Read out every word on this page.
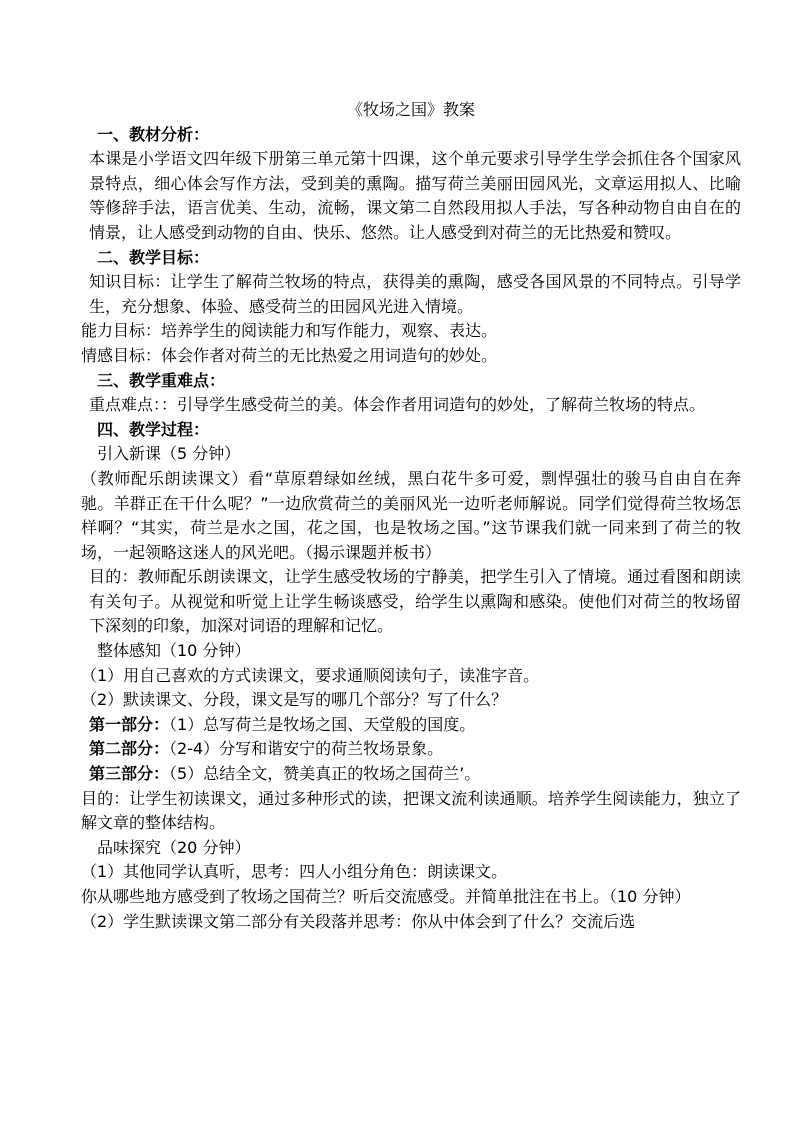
《牧场之国》教案

一、教材分析：

本课是小学语文四年级下册第三单元第十四课，这个单元要求引导学生学会抓住各个国家风景特点，细心体会写作方法，受到美的熏陶。描写荷兰美丽田园风光，文章运用拟人、比喻等修辞手法，语言优美、生动，流畅，课文第二自然段用拟人手法，写各种动物自由自在的情景，让人感受到动物的自由、快乐、悠然。让人感受到对荷兰的无比热爱和赞叹。

二、教学目标：

知识目标：让学生了解荷兰牧场的特点，获得美的熏陶，感受各国风景的不同特点。引导学生，充分想象、体验、感受荷兰的田园风光进入情境。

能力目标：培养学生的阅读能力和写作能力，观察、表达。

情感目标：体会作者对荷兰的无比热爱之用词造句的妙处。

三、教学重难点：

重点难点：：引导学生感受荷兰的美。体会作者用词造句的妙处，了解荷兰牧场的特点。

四、教学过程：

引入新课（5 分钟）

（教师配乐朗读课文）看“草原碧绿如丝绒，黑白花牛多可爱，剽悍强壮的骏马自由自在奔驰。羊群正在干什么呢？”一边欣赏荷兰的美丽风光一边听老师解说。同学们觉得荷兰牧场怎样啊？“其实，荷兰是水之国，花之国，也是牧场之国。”这节课我们就一同来到了荷兰的牧场，一起领略这迷人的风光吧。（揭示课题并板书）

目的：教师配乐朗读课文，让学生感受牧场的宁静美，把学生引入了情境。通过看图和朗读有关句子。从视觉和听觉上让学生畅谈感受，给学生以熏陶和感染。使他们对荷兰的牧场留下深刻的印象，加深对词语的理解和记忆。

整体感知（10 分钟）

（1）用自己喜欢的方式读课文，要求通顺阅读句子，读准字音。

（2）默读课文、分段，课文是写的哪几个部分？写了什么？

第一部分：（1）总写荷兰是牧场之国、天堂般的国度。

第二部分：（2-4）分写和谐安宁的荷兰牧场景象。

第三部分：（5）总结全文，赞美真正的牧场之国荷兰’。

目的：让学生初读课文，通过多种形式的读，把课文流利读通顺。培养学生阅读能力，独立了解文章的整体结构。

品味探究（20 分钟）

（1）其他同学认真听，思考：四人小组分角色：朗读课文。

你从哪些地方感受到了牧场之国荷兰？听后交流感受。并简单批注在书上。（10 分钟）

（2）学生默读课文第二部分有关段落并思考：你从中体会到了什么？交流后选
